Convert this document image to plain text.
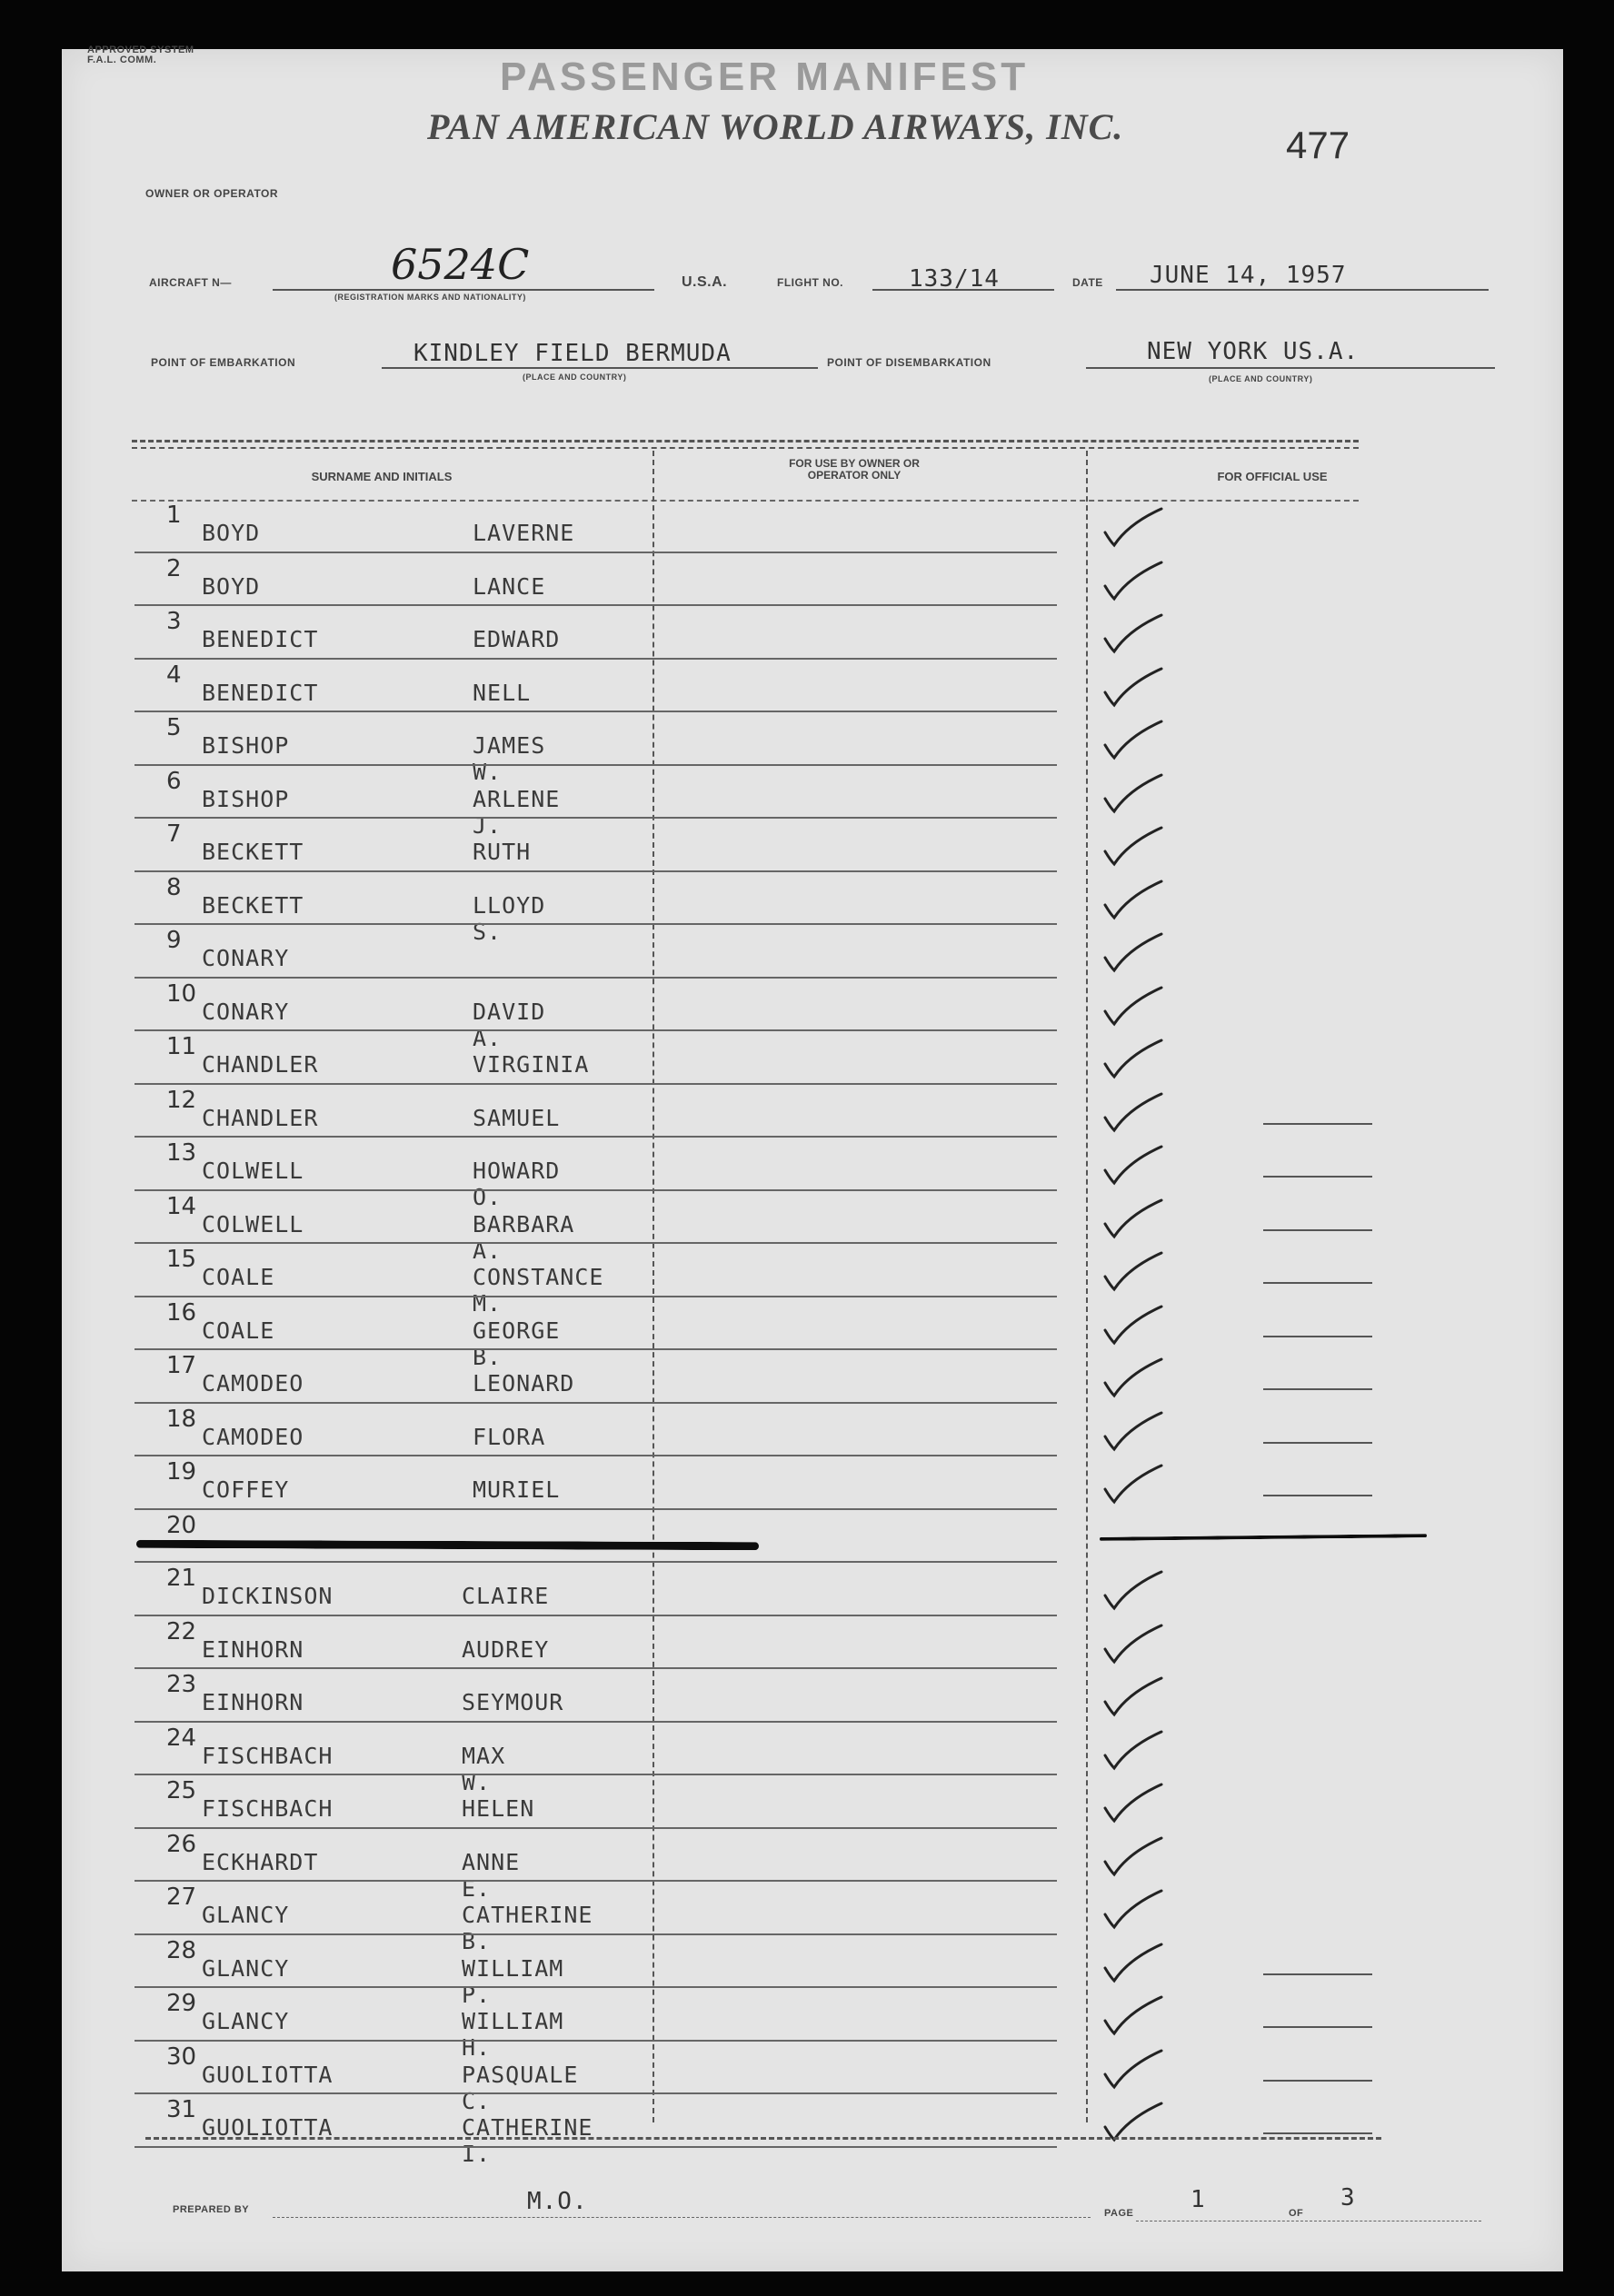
APPROVED SYSTEM F.A.L. COMM.	PASSENGER MANIFEST
OWNER OR OPERATOR
PAN AMERICAN WORLD AIRWAYS, INC.	477
AIRCRAFT N—	6524C
(REGISTRATION MARKS AND NATIONALITY)
U.S.A.	FLIGHT NO.	133/14	DATE JUNE 14, 1957
POINT OF EMBARKATION	KINDLEY FIELD BERMUDA
(PLACE AND COUNTRY)
POINT OF DISEMBARKATION	NEW YORK US.A.
(PLACE AND COUNTRY)
SURNAME AND INITIALS
FOR USE BY OWNER OR OPERATOR ONLY	FOR OFFICIAL USE
1
BOYD	LAVERNE
2
BOYD	LANCE
3
BENEDICT	EDWARD
4
BENEDICT	NELL
5
BISHOP	JAMES W.
6
BISHOP	ARLENE J.
7
BECKETT	RUTH
8
BECKETT	LLOYD S.
9
CONARY
10
CONARY	DAVID A.
11
CHANDLER	VIRGINIA
12
CHANDLER	SAMUEL
13
COLWELL	HOWARD O.
14
COLWELL	BARBARA A.
15
COALE	CONSTANCE M.
16
COALE	GEORGE B.
17
CAMODEO	LEONARD
18
CAMODEO	FLORA
19
COFFEY	MURIEL
20
21
DICKINSON	CLAIRE
22
EINHORN	AUDREY
23
EINHORN	SEYMOUR
24
FISCHBACH	MAX W.
25
FISCHBACH	HELEN
26
ECKHARDT	ANNE E.
27
GLANCY	CATHERINE B.
28
GLANCY	WILLIAM P.
29
GLANCY	WILLIAM H.
30
GUOLIOTTA	PASQUALE C.
31
GUOLIOTTA	CATHERINE I.
PREPARED BY	M.O.	PAGE 1	OF
3
